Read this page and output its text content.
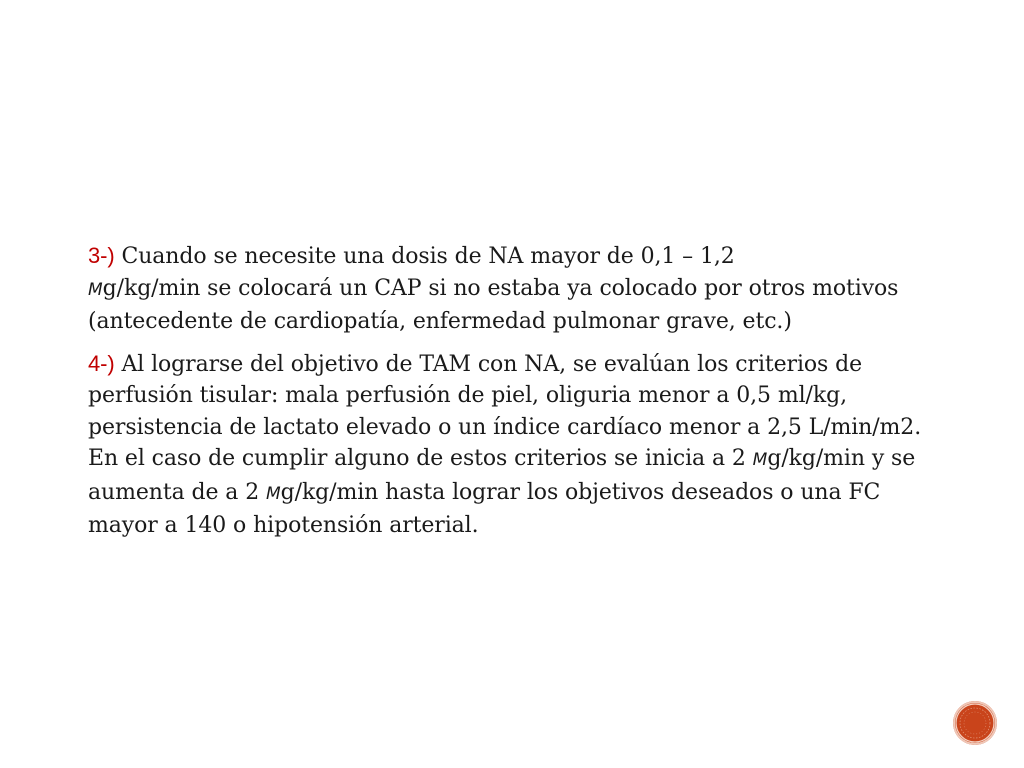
3-) Cuando se necesite una dosis de NA mayor de 0,1 – 1,2
Mg/kg/min se colocará un CAP si no estaba ya colocado por otros motivos (antecedente de cardiopatía, enfermedad pulmonar grave, etc.)

4-) Al lograrse del objetivo de TAM con NA, se evalúan los criterios de perfusión tisular: mala perfusión de piel, oliguria menor a 0,5 ml/kg, persistencia de lactato elevado o un índice cardíaco menor a 2,5 L/min/m2. En el caso de cumplir alguno de estos criterios se inicia a 2 Mg/kg/min y se aumenta de a 2 Mg/kg/min hasta lograr los objetivos deseados o una FC mayor a 140 o hipotensión arterial.
